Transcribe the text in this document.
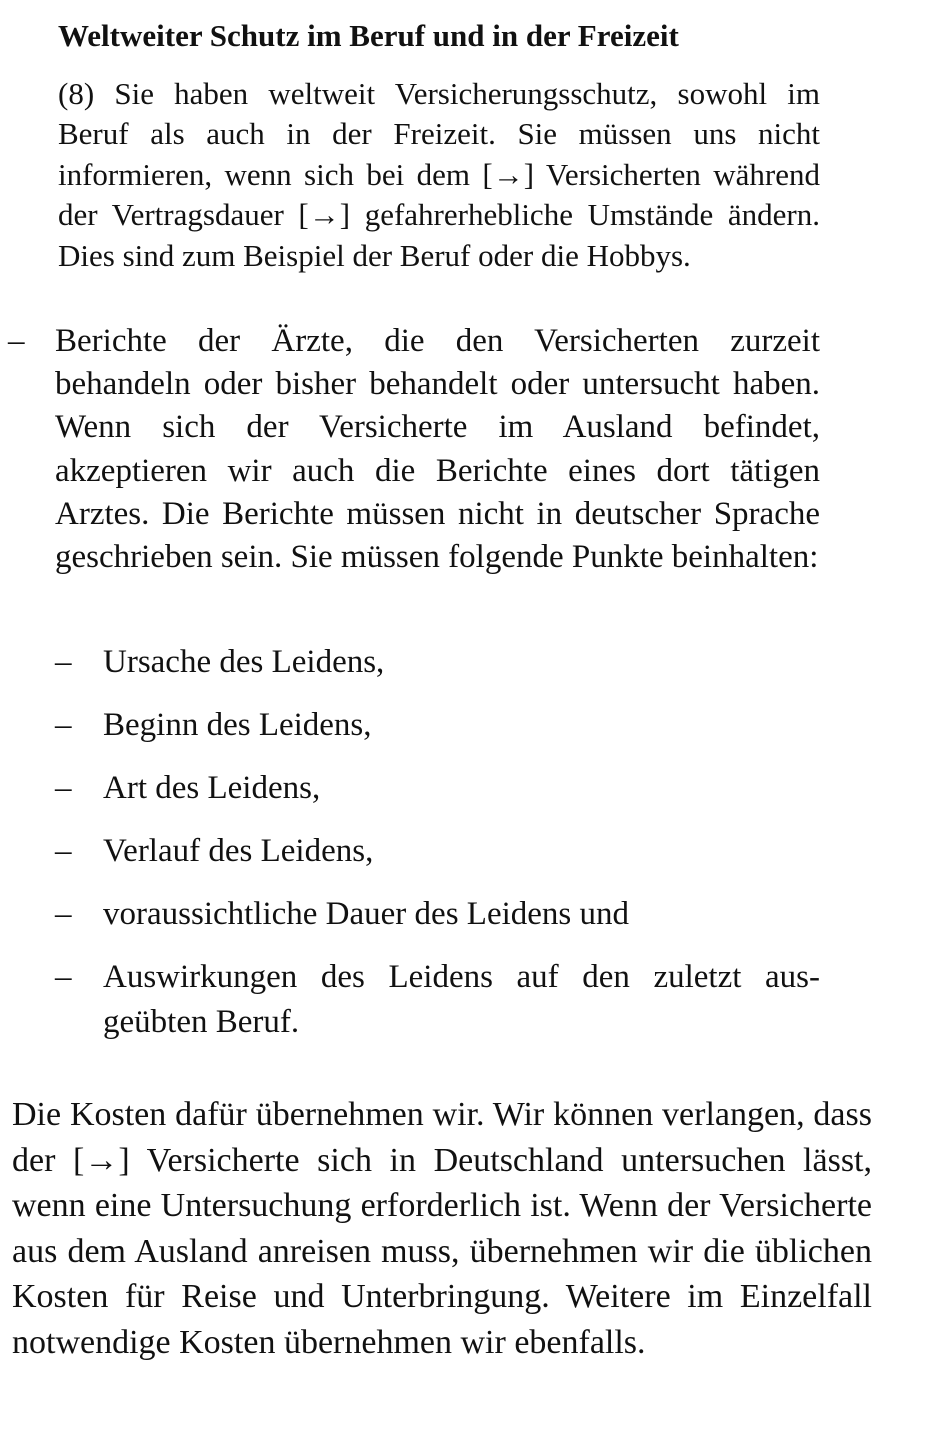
Weltweiter Schutz im Beruf und in der Freizeit
(8) Sie haben weltweit Versicherungsschutz, sowohl im Beruf als auch in der Freizeit. Sie müssen uns nicht informieren, wenn sich bei dem [→] Versicherten während der Vertragsdauer [→] gefahrerhebliche Umstände ändern. Dies sind zum Beispiel der Beruf oder die Hobbys.
– Berichte der Ärzte, die den Versicherten zurzeit behandeln oder bisher behandelt oder untersucht haben. Wenn sich der Versicherte im Ausland befindet, akzeptieren wir auch die Berichte eines dort tätigen Arztes. Die Berichte müssen nicht in deutscher Sprache geschrieben sein. Sie müssen folgende Punkte beinhalten:
– Ursache des Leidens,
– Beginn des Leidens,
– Art des Leidens,
– Verlauf des Leidens,
– voraussichtliche Dauer des Leidens und
– Auswirkungen des Leidens auf den zuletzt ausgeübten Beruf.
Die Kosten dafür übernehmen wir. Wir können verlangen, dass der [→] Versicherte sich in Deutschland untersuchen lässt, wenn eine Untersuchung erforderlich ist. Wenn der Versicherte aus dem Ausland anreisen muss, übernehmen wir die üblichen Kosten für Reise und Unterbringung. Weitere im Einzelfall notwendige Kosten übernehmen wir ebenfalls.
